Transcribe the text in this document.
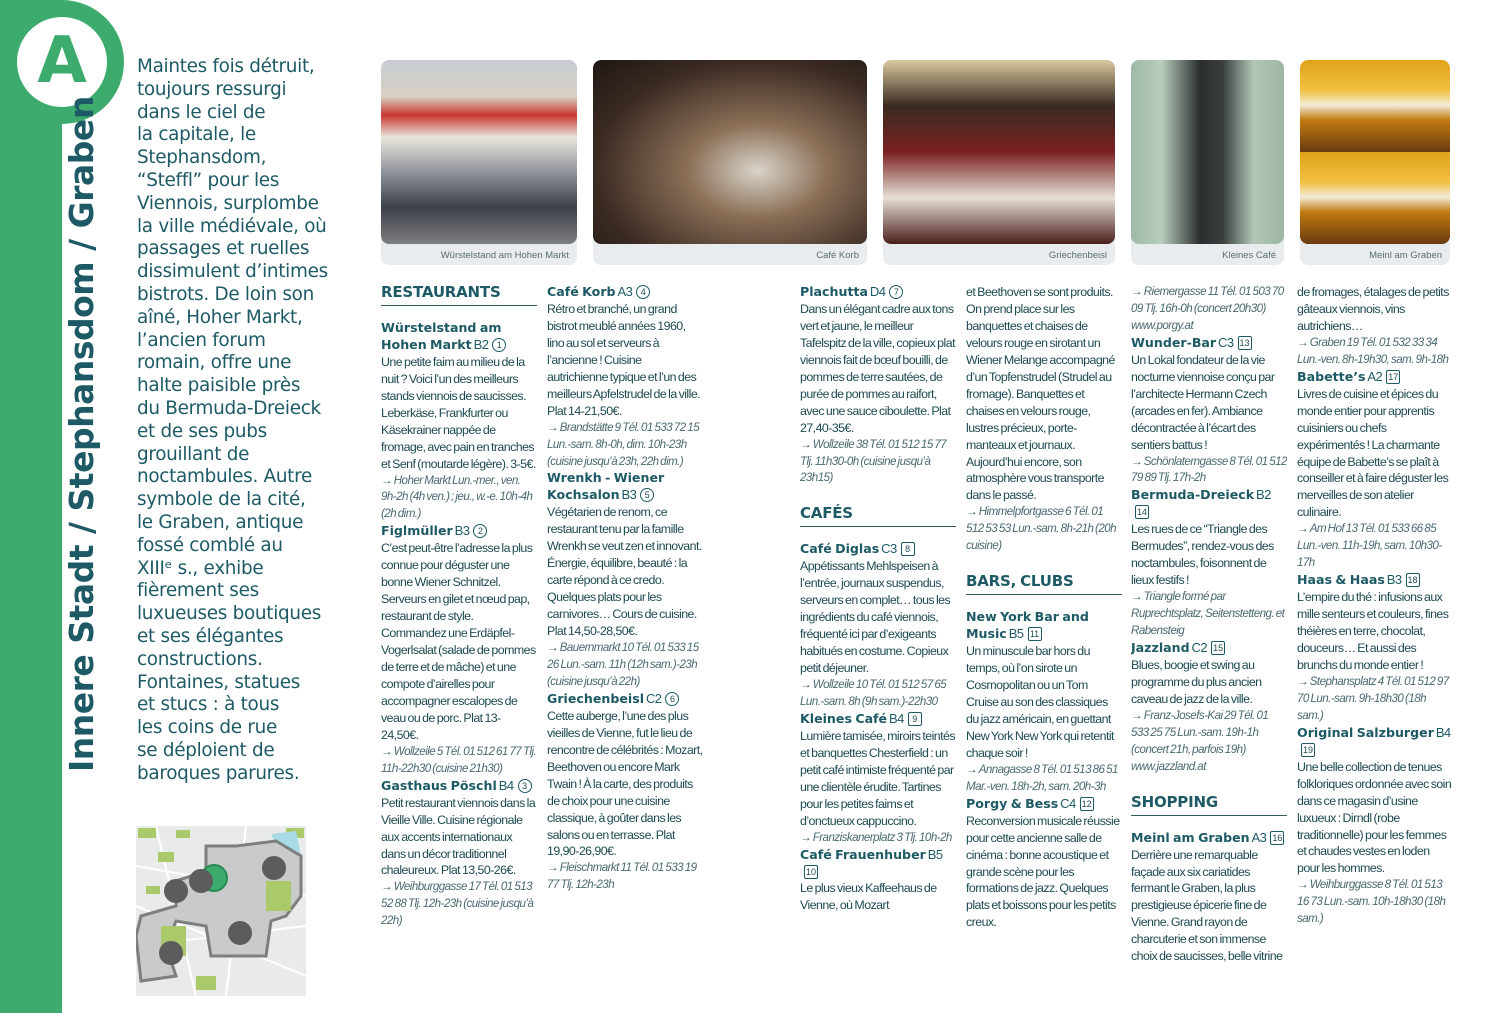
A
Innere Stadt / Stephansdom / Graben
Maintes fois détruit,
toujours ressurgi
dans le ciel de
la capitale, le
Stephansdom,
“Steffl” pour les
Viennois, surplombe
la ville médiévale, où
passages et ruelles
dissimulent d’intimes
bistrots. De loin son
aîné, Hoher Markt,
l’ancien forum
romain, offre une
halte paisible près
du Bermuda-Dreieck
et de ses pubs
grouillant de
noctambules. Autre
symbole de la cité,
le Graben, antique
fossé comblé au
XIIIᵉ s., exhibe
fièrement ses
luxueuses boutiques
et ses élégantes
constructions.
Fontaines, statues
et stucs : à tous
les coins de rue
se déploient de
baroques parures.
Würstelstand am Hohen Markt	Café Korb	Griechenbeisl	Kleines Café	Meinl am Graben
RESTAURANTS
Würstelstand am Hohen Markt B2 1
Une petite faim au milieu de la nuit ? Voici l’un des meilleurs stands viennois de saucisses. Leberkäse, Frankfurter ou Käsekrainer nappée de fromage, avec pain en tranches et Senf (moutarde légère). 3-5€.
→ Hoher Markt Lun.-mer., ven. 9h-2h (4h ven.) ; jeu., w.-e. 10h-4h (2h dim.)
Figlmüller B3 2
C’est peut-être l’adresse la plus connue pour déguster une bonne Wiener Schnitzel. Serveurs en gilet et nœud pap, restaurant de style. Commandez une Erdäpfel-Vogerlsalat (salade de pommes de terre et de mâche) et une compote d’airelles pour accompagner escalopes de veau ou de porc. Plat 13-24,50€.
→ Wollzeile 5 Tél. 01 512 61 77 Tlj. 11h-22h30 (cuisine 21h30)
Gasthaus Pöschl B4 3
Petit restaurant viennois dans la Vieille Ville. Cuisine régionale aux accents internationaux dans un décor traditionnel chaleureux. Plat 13,50-26€.
→ Weihburggasse 17 Tél. 01 513 52 88 Tlj. 12h-23h (cuisine jusqu’à 22h)
Café Korb A3 4
Rétro et branché, un grand bistrot meublé années 1960, lino au sol et serveurs à l’ancienne ! Cuisine autrichienne typique et l’un des meilleurs Apfelstrudel de la ville. Plat 14-21,50€.
→ Brandstätte 9 Tél. 01 533 72 15 Lun.-sam. 8h-0h, dim. 10h-23h (cuisine jusqu’à 23h, 22h dim.)
Wrenkh - Wiener Kochsalon B3 5
Végétarien de renom, ce restaurant tenu par la famille Wrenkh se veut zen et innovant. Énergie, équilibre, beauté : la carte répond à ce credo. Quelques plats pour les carnivores… Cours de cuisine. Plat 14,50-28,50€.
→ Bauernmarkt 10 Tél. 01 533 15 26 Lun.-sam. 11h (12h sam.)-23h (cuisine jusqu’à 22h)
Griechenbeisl C2 6
Cette auberge, l’une des plus vieilles de Vienne, fut le lieu de rencontre de célébrités : Mozart, Beethoven ou encore Mark Twain ! À la carte, des produits de choix pour une cuisine classique, à goûter dans les salons ou en terrasse. Plat 19,90-26,90€.
→ Fleischmarkt 11 Tél. 01 533 19 77 Tlj. 12h-23h
Plachutta D4 7
Dans un élégant cadre aux tons vert et jaune, le meilleur Tafelspitz de la ville, copieux plat viennois fait de bœuf bouilli, de pommes de terre sautées, de purée de pommes au raifort, avec une sauce ciboulette. Plat 27,40-35€.
→ Wollzeile 38 Tél. 01 512 15 77 Tlj. 11h30-0h (cuisine jusqu’à 23h15)
CAFÉS
Café Diglas C3 8
Appétissants Mehlspeisen à l’entrée, journaux suspendus, serveurs en complet… tous les ingrédients du café viennois, fréquenté ici par d’exigeants habitués en costume. Copieux petit déjeuner.
→ Wollzeile 10 Tél. 01 512 57 65 Lun.-sam. 8h (9h sam.)-22h30
Kleines Café B4 9
Lumière tamisée, miroirs teintés et banquettes Chesterfield : un petit café intimiste fréquenté par une clientèle érudite. Tartines pour les petites faims et d’onctueux cappuccino.
→ Franziskanerplatz 3 Tlj. 10h-2h
Café Frauenhuber B510
Le plus vieux Kaffeehaus de Vienne, où Mozart
et Beethoven se sont produits. On prend place sur les banquettes et chaises de velours rouge en sirotant un Wiener Melange accompagné d’un Topfenstrudel (Strudel au fromage). Banquettes et chaises en velours rouge, lustres précieux, porte-manteaux et journaux. Aujourd’hui encore, son atmosphère vous transporte dans le passé.
→ Himmelpfortgasse 6 Tél. 01 512 53 53 Lun.-sam. 8h-21h (20h cuisine)
BARS, CLUBS
New York Bar and Music B5 11
Un minuscule bar hors du temps, où l’on sirote un Cosmopolitan ou un Tom Cruise au son des classiques du jazz américain, en guettant New York New York qui retentit chaque soir !
→ Annagasse 8 Tél. 01 513 86 51 Mar.-ven. 18h-2h, sam. 20h-3h
Porgy & Bess C4 12
Reconversion musicale réussie pour cette ancienne salle de cinéma : bonne acoustique et grande scène pour les formations de jazz. Quelques plats et boissons pour les petits creux.
→ Riemergasse 11 Tél. 01 503 70 09 Tlj. 16h-0h (concert 20h30) www.porgy.at
Wunder-Bar C3 13
Un Lokal fondateur de la vie nocturne viennoise conçu par l’architecte Hermann Czech (arcades en fer). Ambiance décontractée à l’écart des sentiers battus !
→ Schönlaterngasse 8 Tél. 01 512 79 89 Tlj. 17h-2h
Bermuda-Dreieck B214
Les rues de ce “Triangle des Bermudes”, rendez-vous des noctambules, foisonnent de lieux festifs !
→ Triangle formé par Ruprechtsplatz, Seitenstetteng. et Rabensteig
Jazzland C2 15
Blues, boogie et swing au programme du plus ancien caveau de jazz de la ville.
→ Franz-Josefs-Kai 29 Tél. 01 533 25 75 Lun.-sam. 19h-1h (concert 21h, parfois 19h) www.jazzland.at
SHOPPING
Meinl am Graben A3 16
Derrière une remarquable façade aux six cariatides fermant le Graben, la plus prestigieuse épicerie fine de Vienne. Grand rayon de charcuterie et son immense choix de saucisses, belle vitrine
de fromages, étalages de petits gâteaux viennois, vins autrichiens…
→ Graben 19 Tél. 01 532 33 34 Lun.-ven. 8h-19h30, sam. 9h-18h
Babette’s A2 17
Livres de cuisine et épices du monde entier pour apprentis cuisiniers ou chefs expérimentés ! La charmante équipe de Babette’s se plaît à conseiller et à faire déguster les merveilles de son atelier culinaire.
→ Am Hof 13 Tél. 01 533 66 85 Lun.-ven. 11h-19h, sam. 10h30-17h
Haas & Haas B3 18
L’empire du thé : infusions aux mille senteurs et couleurs, fines théières en terre, chocolat, douceurs… Et aussi des brunchs du monde entier !
→ Stephansplatz 4 Tél. 01 512 97 70 Lun.-sam. 9h-18h30 (18h sam.)
Original Salzburger B419
Une belle collection de tenues folkloriques ordonnée avec soin dans ce magasin d’usine luxueux : Dirndl (robe traditionnelle) pour les femmes et chaudes vestes en loden pour les hommes.
→ Weihburggasse 8 Tél. 01 513 16 73 Lun.-sam. 10h-18h30 (18h sam.)
